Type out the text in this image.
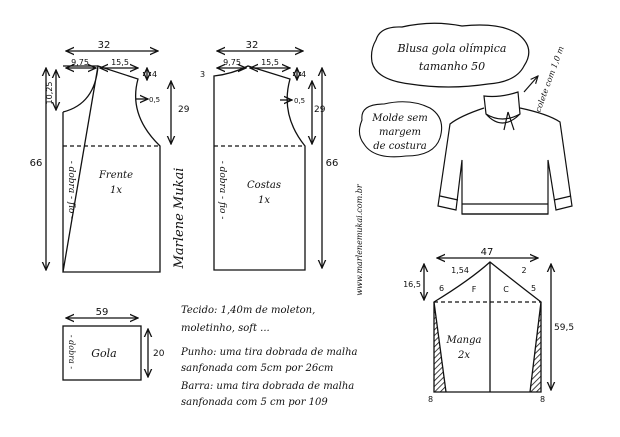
32
9,75	15,5
4
10,25
29
0,5
66	- dobra - fio - Frente
1x
32
3
9,75	15,5
4
29
0,5
66
- dobra - fio - Costas
1x
Marlene Mukai	www.marlenemukai.com.br
Blusa gola olímpica
tamanho 50	colete com 1,0 m
Molde sem
margem
de costura
59
20
- dobra - Gola
Tecido: 1,40m de moleton,
moletinho, soft ...
Punho: uma tira dobrada de malha
sanfonada com 5cm por 26cm
Barra: uma tira dobrada de malha
sanfonada com 5 cm por 109
47
1,54	2
16,5 6	5
F	C
59,5
8	8
Manga
2x
